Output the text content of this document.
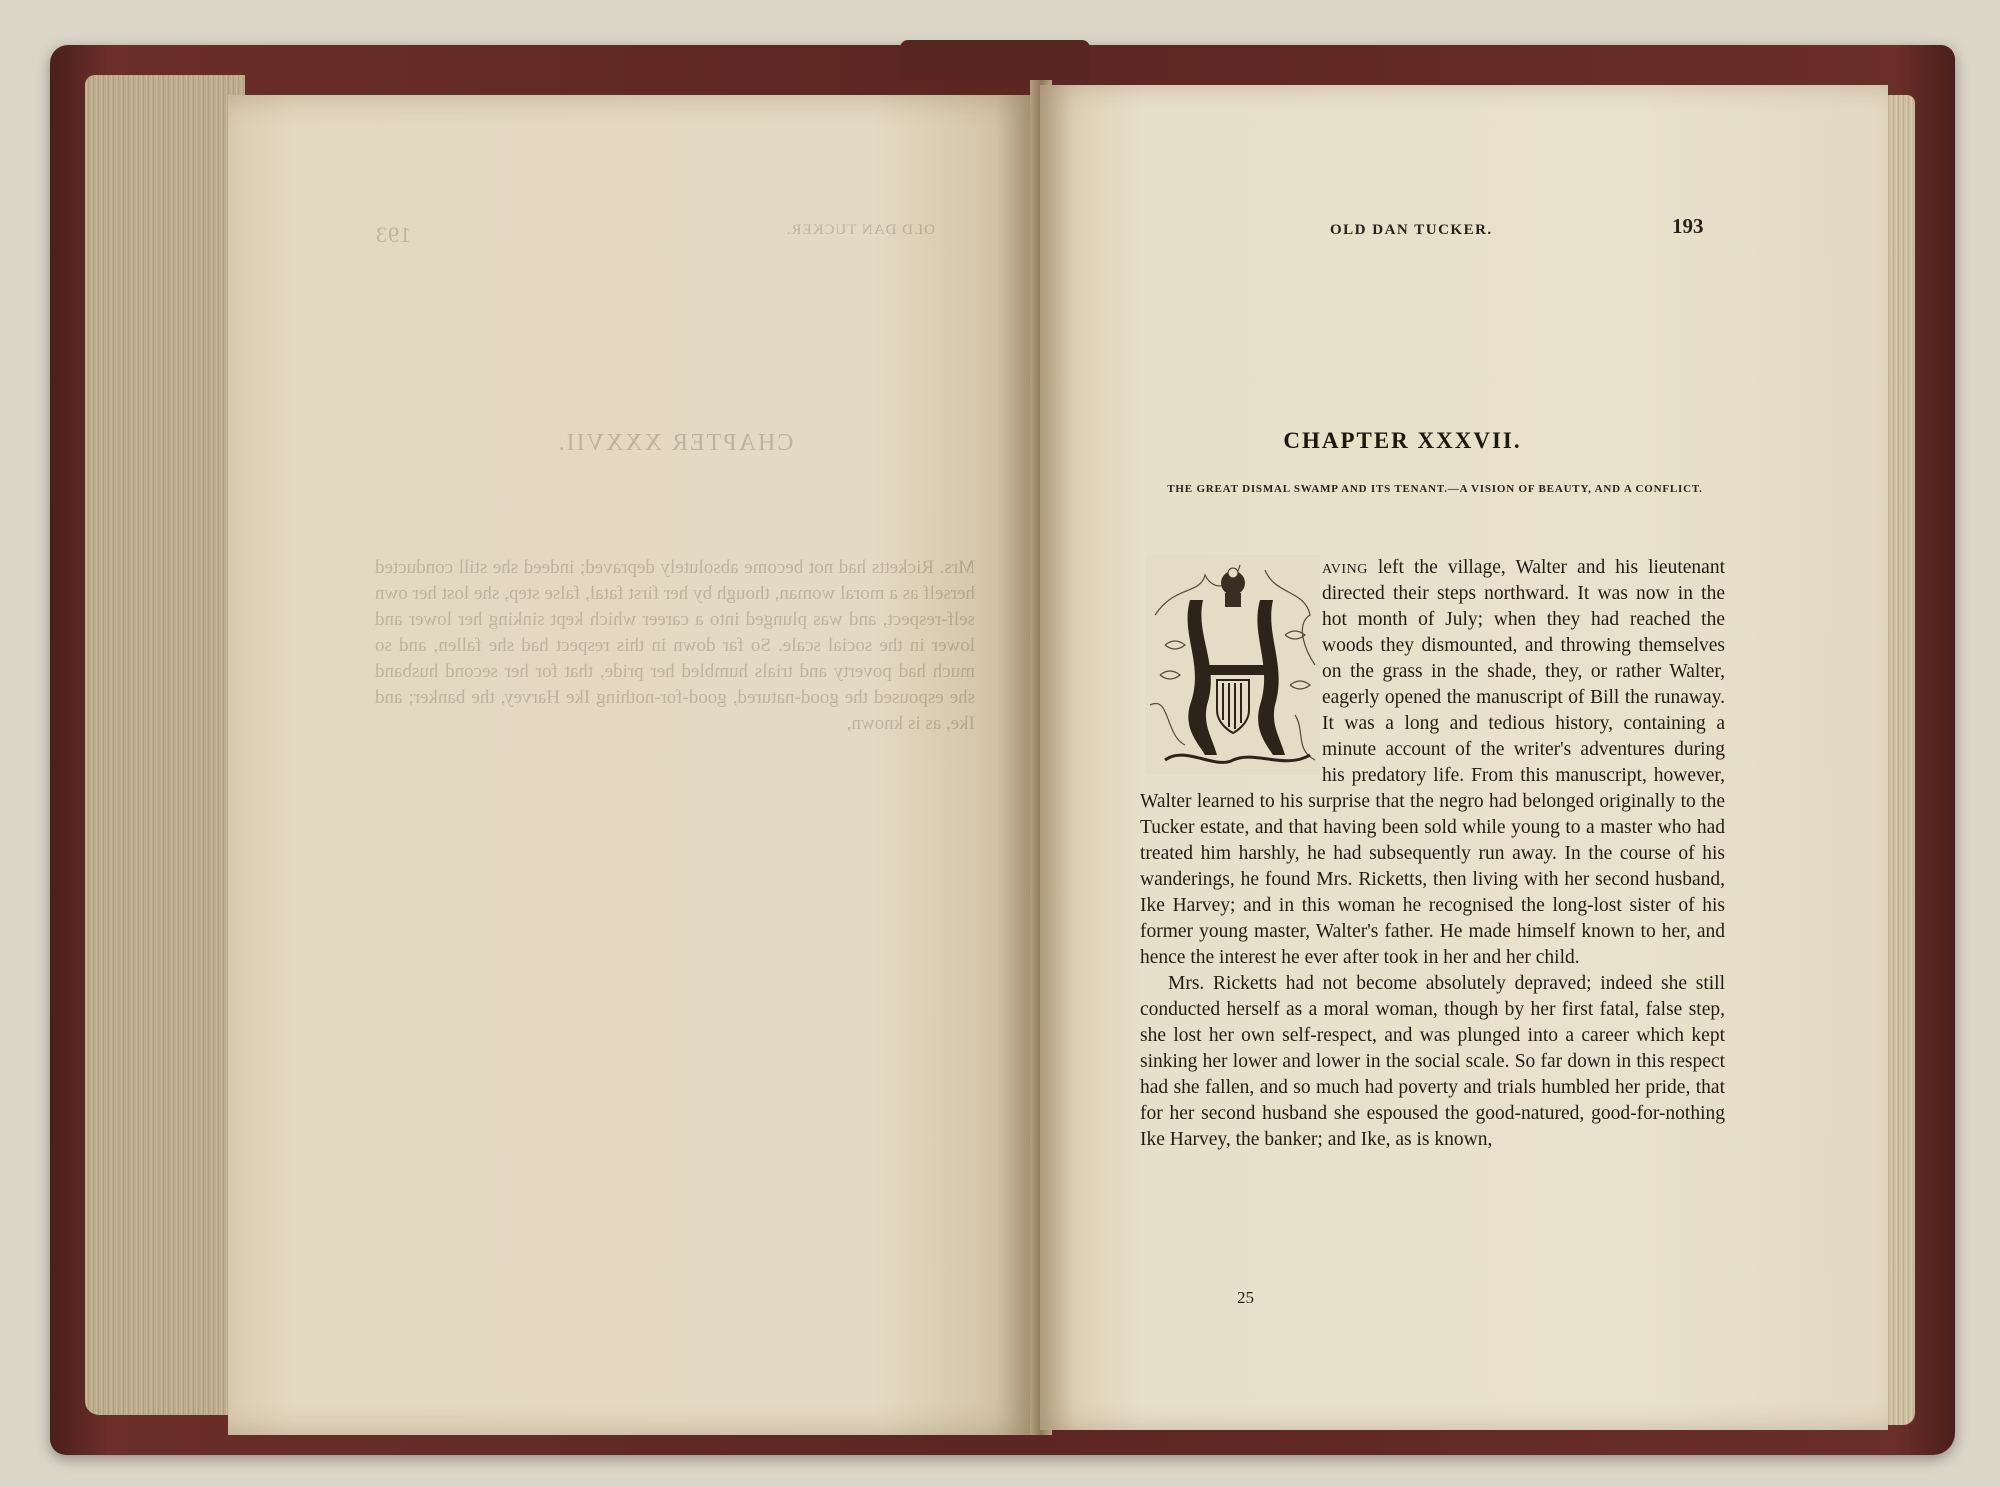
OLD DAN TUCKER.
193
CHAPTER XXXVII.
Mrs. Ricketts had not become absolutely depraved; indeed she still conducted herself as a moral woman, though by her first fatal, false step, she lost her own self-respect, and was plunged into a career which kept sinking her lower and lower in the social scale. So far down in this respect had she fallen, and so much had poverty and trials humbled her pride, that for her second husband she espoused the good-natured, good-for-nothing Ike Harvey, the banker; and Ike, as is known,
OLD DAN TUCKER.	193
CHAPTER XXXVII.
THE GREAT DISMAL SWAMP AND ITS TENANT.—A VISION OF BEAUTY, AND A CONFLICT.

aving left the village, Walter and his lieutenant directed their steps northward. It was now in the hot month of July; when they had reached the woods they dismounted, and throwing themselves on the grass in the shade, they, or rather Walter, eagerly opened the manuscript of Bill the runaway. It was a long and tedious history, containing a minute account of the writer's adventures during his predatory life. From this manuscript, however, Walter learned to his surprise that the negro had belonged originally to the Tucker estate, and that having been sold while young to a master who had treated him harshly, he had subsequently run away. In the course of his wanderings, he found Mrs. Ricketts, then living with her second husband, Ike Harvey; and in this woman he recognised the long-lost sister of his former young master, Walter's father. He made himself known to her, and hence the interest he ever after took in her and her child.

Mrs. Ricketts had not become absolutely depraved; indeed she still conducted herself as a moral woman, though by her first fatal, false step, she lost her own self-respect, and was plunged into a career which kept sinking her lower and lower in the social scale. So far down in this respect had she fallen, and so much had poverty and trials humbled her pride, that for her second husband she espoused the good-natured, good-for-nothing Ike Harvey, the banker; and Ike, as is known,

25
